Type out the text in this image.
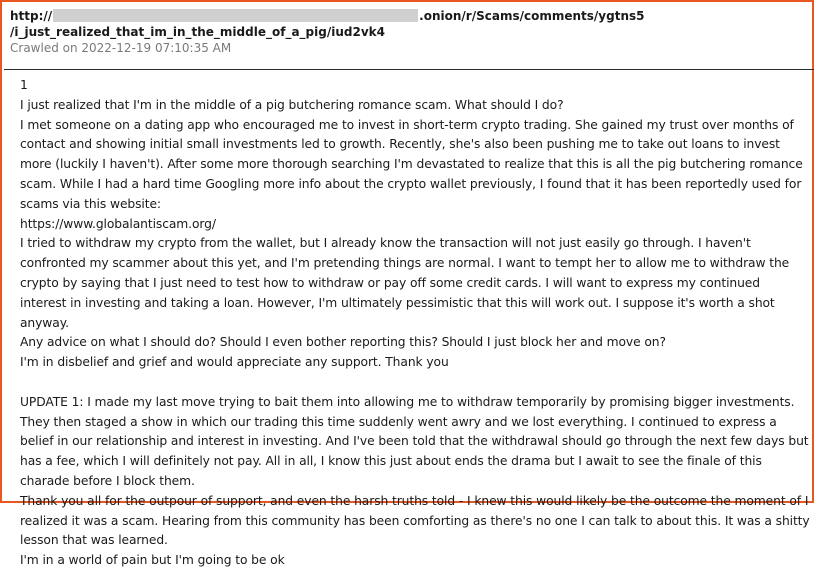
http://	.onion/r/Scams/comments/ygtns5
/i_just_realized_that_im_in_the_middle_of_a_pig/iud2vk4
Crawled on 2022-12-19 07:10:35 AM

1

I just realized that I'm in the middle of a pig butchering romance scam. What should I do?

I met someone on a dating app who encouraged me to invest in short-term crypto trading. She gained my trust over months of contact and showing initial small investments led to growth. Recently, she's also been pushing me to take out loans to invest more (luckily I haven't). After some more thorough searching I'm devastated to realize that this is all the pig butchering romance scam. While I had a hard time Googling more info about the crypto wallet previously, I found that it has been reportedly used for scams via this website:

https://www.globalantiscam.org/

I tried to withdraw my crypto from the wallet, but I already know the transaction will not just easily go through. I haven't confronted my scammer about this yet, and I'm pretending things are normal. I want to tempt her to allow me to withdraw the crypto by saying that I just need to test how to withdraw or pay off some credit cards. I will want to express my continued interest in investing and taking a loan. However, I'm ultimately pessimistic that this will work out. I suppose it's worth a shot anyway.

Any advice on what I should do? Should I even bother reporting this? Should I just block her and move on?

I'm in disbelief and grief and would appreciate any support. Thank you

UPDATE 1: I made my last move trying to bait them into allowing me to withdraw temporarily by promising bigger investments. They then staged a show in which our trading this time suddenly went awry and we lost everything. I continued to express a belief in our relationship and interest in investing. And I've been told that the withdrawal should go through the next few days but has a fee, which I will definitely not pay. All in all, I know this just about ends the drama but I await to see the finale of this charade before I block them.

Thank you all for the outpour of support, and even the harsh truths told - I knew this would likely be the outcome the moment of I realized it was a scam. Hearing from this community has been comforting as there's no one I can talk to about this. It was a shitty lesson that was learned.

I'm in a world of pain but I'm going to be ok
